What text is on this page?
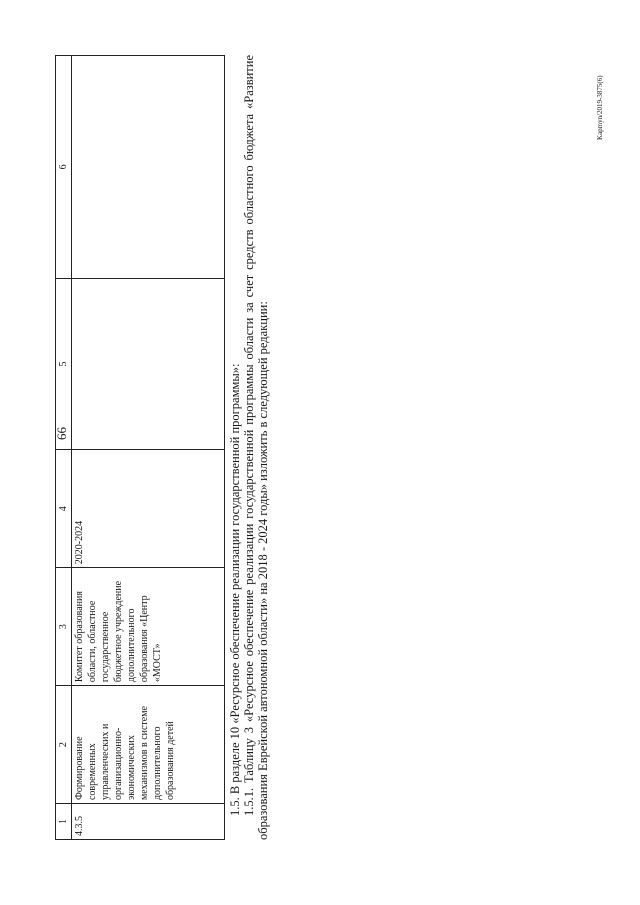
66
Kapmyn/2019-3875(6)
1	2	3	4	5	6
4.3.5	Формирование современных управленческих и организационно-экономических механизмов в системе дополнительного образования детей	Комитет образования области, областное государственное бюджетное учреждение дополнительного образования «Центр «МОСТ»	2020-2024			1.5. В разделе 10 «Ресурсное обеспечение реализации государственной программы»: 1.5.1. Таблицу 3 «Ресурсное обеспечение реализации государственной программы области за счет средств областного бюджета «Развитие образования Еврейской автономной области» на 2018 - 2024 годы» изложить в следующей редакции:
